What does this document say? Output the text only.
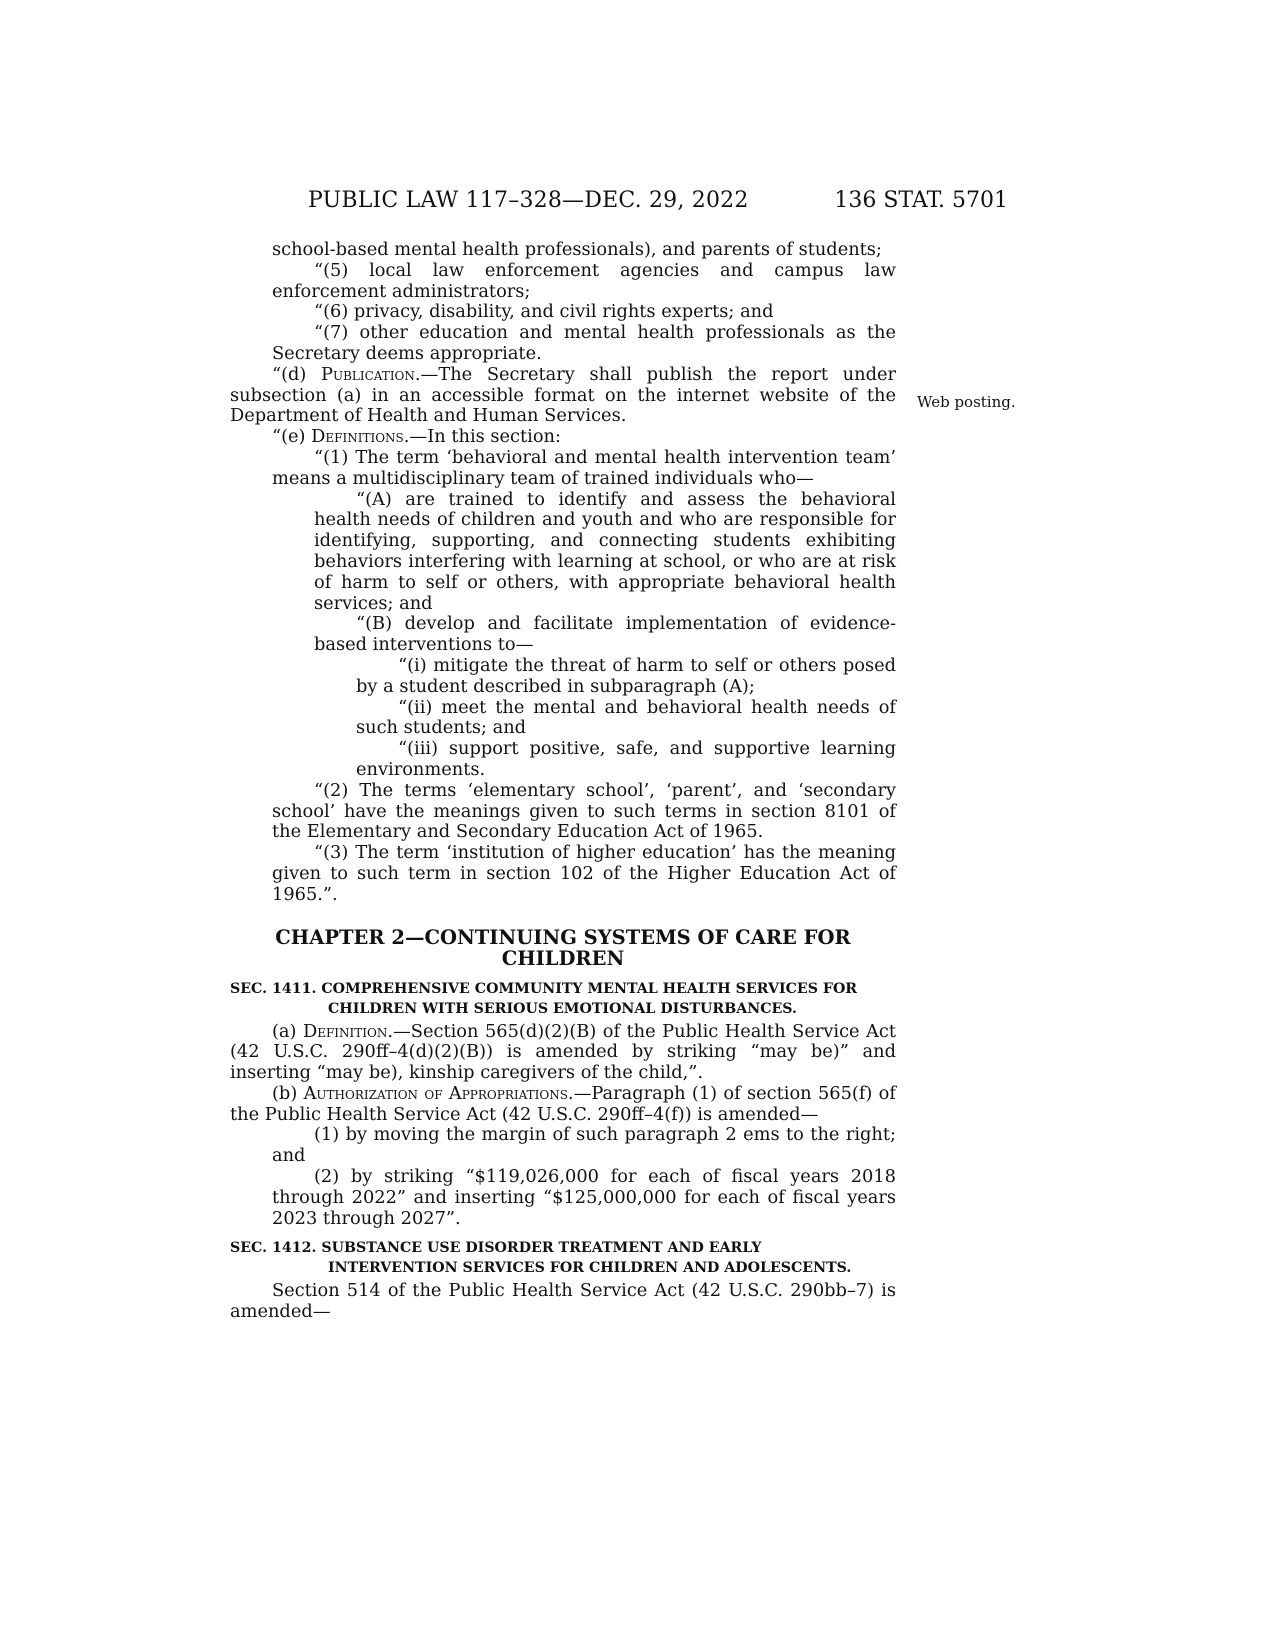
PUBLIC LAW 117–328—DEC. 29, 2022	136 STAT. 5701
Web posting.

school-based mental health professionals), and parents of students;

“(5) local law enforcement agencies and campus law enforcement administrators;

“(6) privacy, disability, and civil rights experts; and

“(7) other education and mental health professionals as the Secretary deems appropriate.

“(d) Publication.—The Secretary shall publish the report under subsection (a) in an accessible format on the internet website of the Department of Health and Human Services.

“(e) Definitions.—In this section:

“(1) The term ‘behavioral and mental health intervention team’ means a multidisciplinary team of trained individuals who—

“(A) are trained to identify and assess the behavioral health needs of children and youth and who are responsible for identifying, supporting, and connecting students exhibiting behaviors interfering with learning at school, or who are at risk of harm to self or others, with appropriate behavioral health services; and

“(B) develop and facilitate implementation of evidence-based interventions to—

“(i) mitigate the threat of harm to self or others posed by a student described in subparagraph (A);

“(ii) meet the mental and behavioral health needs of such students; and

“(iii) support positive, safe, and supportive learning environments.

“(2) The terms ‘elementary school’, ‘parent’, and ‘secondary school’ have the meanings given to such terms in section 8101 of the Elementary and Secondary Education Act of 1965.

“(3) The term ‘institution of higher education’ has the meaning given to such term in section 102 of the Higher Education Act of 1965.”.

CHAPTER 2—CONTINUING SYSTEMS OF CARE FOR CHILDREN

SEC. 1411. COMPREHENSIVE COMMUNITY MENTAL HEALTH SERVICES FOR CHILDREN WITH SERIOUS EMOTIONAL DISTURBANCES.

(a) Definition.—Section 565(d)(2)(B) of the Public Health Service Act (42 U.S.C. 290ff–4(d)(2)(B)) is amended by striking “may be)” and inserting “may be), kinship caregivers of the child,”.

(b) Authorization of Appropriations.—Paragraph (1) of section 565(f) of the Public Health Service Act (42 U.S.C. 290ff–4(f)) is amended—

(1) by moving the margin of such paragraph 2 ems to the right; and

(2) by striking “$119,026,000 for each of fiscal years 2018 through 2022” and inserting “$125,000,000 for each of fiscal years 2023 through 2027”.

SEC. 1412. SUBSTANCE USE DISORDER TREATMENT AND EARLY INTERVENTION SERVICES FOR CHILDREN AND ADOLESCENTS.

Section 514 of the Public Health Service Act (42 U.S.C. 290bb–7) is amended—
